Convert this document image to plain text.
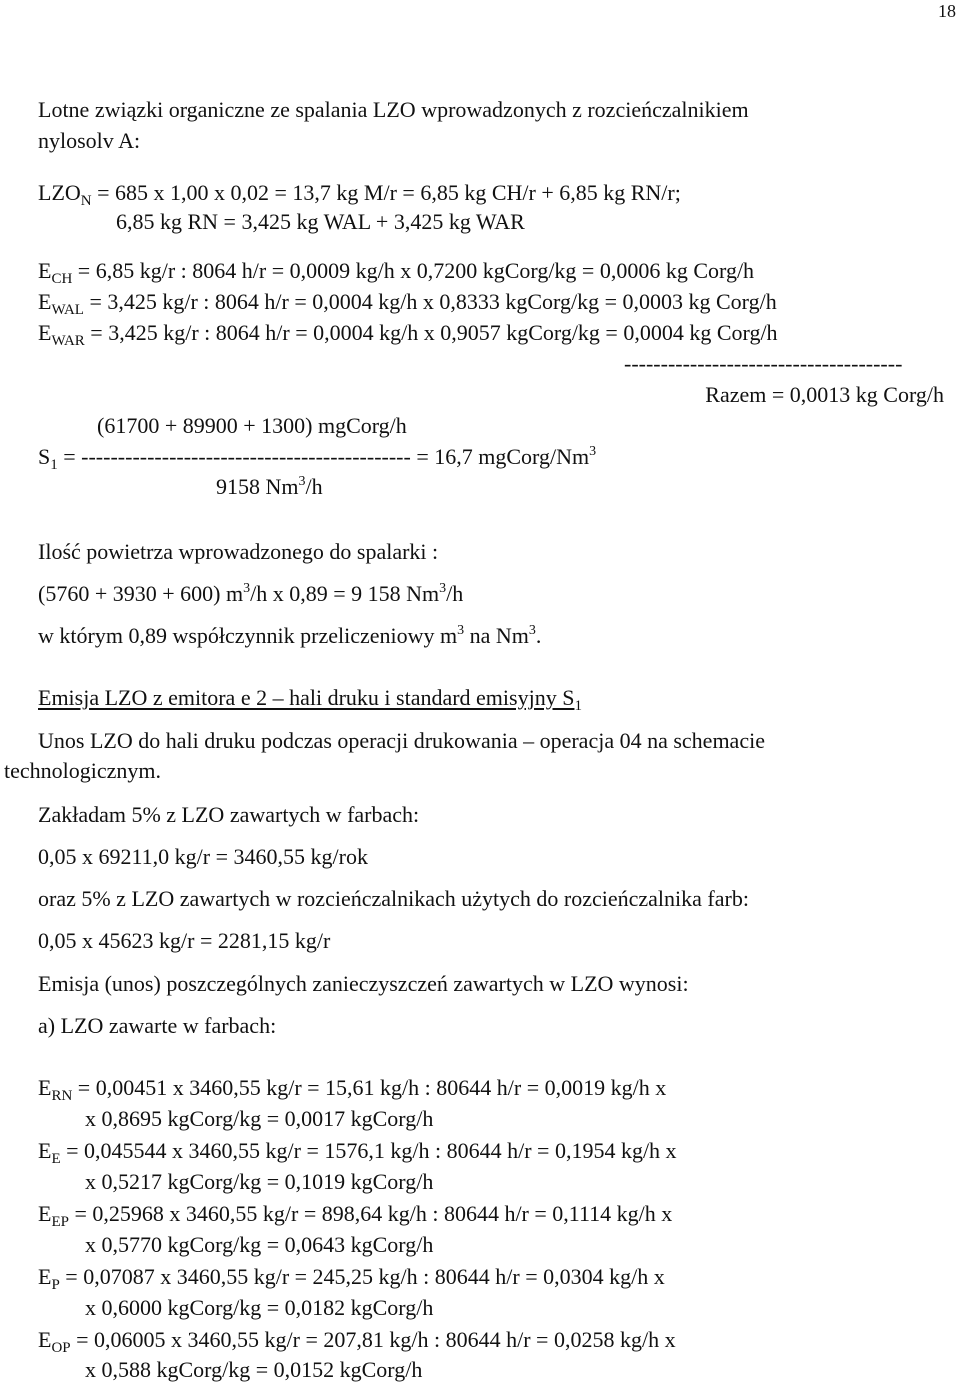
18
Lotne związki organiczne ze spalania LZO wprowadzonych z rozcieńczalnikiem
nylosolv A:
$LZO_N = 685$ x 1,00 x 0,02 = 13,7 kg M/r = 6,85 kg CH/r + 6,85 kg RN/r;
6,85 kg RN = 3,425 kg WAL + 3,425 kg WAR
$E_{CH} = 6,85$ kg/r : 8064 h/r = 0,0009 kg/h x 0,7200 kgCorg/kg = 0,0006 kg Corg/h
$E_{WAL} = 3,425$ kg/r : 8064 h/r = 0,0004 kg/h x 0,8333 kgCorg/kg = 0,0003 kg Corg/h
$E_{WAR} = 3,425$ kg/r : 8064 h/r = 0,0004 kg/h x 0,9057 kgCorg/kg = 0,0004 kg Corg/h
--------------------------------------
Razem = 0,0013 kg Corg/h
(61700 + 89900 + 1300) mgCorg/h
$S_1$ = --------------------------------------------- = 16,7 mgCorg/Nm$^3$
9158 Nm$^3$/h
Ilość powietrza wprowadzonego do spalarki :
(5760 + 3930 + 600) $m^3/h$ x 0,89 = 9 158 Nm$^3$/h
w którym 0,89 współczynnik przeliczeniowy $m^3$ na Nm$^3$.
Emisja LZO z emitora e 2 – hali druku i standard emisyjny $S_1$
Unos LZO do hali druku podczas operacji drukowania – operacja 04 na schemacie
technologicznym.
Zakładam 5% z LZO zawartych w farbach:
0,05 x 69211,0 kg/r = 3460,55 kg/rok
oraz 5% z LZO zawartych w rozcieńczalnikach użytych do rozcieńczalnika farb:
0,05 x 45623 kg/r = 2281,15 kg/r
Emisja (unos) poszczególnych zanieczyszczeń zawartych w LZO wynosi:
a) LZO zawarte w farbach:
$E_{RN} = 0,00451$ x 3460,55 kg/r = 15,61 kg/h : 80644 h/r = 0,0019 kg/h x
x 0,8695 kgCorg/kg = 0,0017 kgCorg/h
$E_E = 0,045544$ x 3460,55 kg/r = 1576,1 kg/h : 80644 h/r = 0,1954 kg/h x
x 0,5217 kgCorg/kg = 0,1019 kgCorg/h
$E_{EP} = 0,25968$ x 3460,55 kg/r = 898,64 kg/h : 80644 h/r = 0,1114 kg/h x
x 0,5770 kgCorg/kg = 0,0643 kgCorg/h
$E_P = 0,07087$ x 3460,55 kg/r = 245,25 kg/h : 80644 h/r = 0,0304 kg/h x
x 0,6000 kgCorg/kg = 0,0182 kgCorg/h
$E_{OP} = 0,06005$ x 3460,55 kg/r = 207,81 kg/h : 80644 h/r = 0,0258 kg/h x
x 0,588 kgCorg/kg = 0,0152 kgCorg/h
